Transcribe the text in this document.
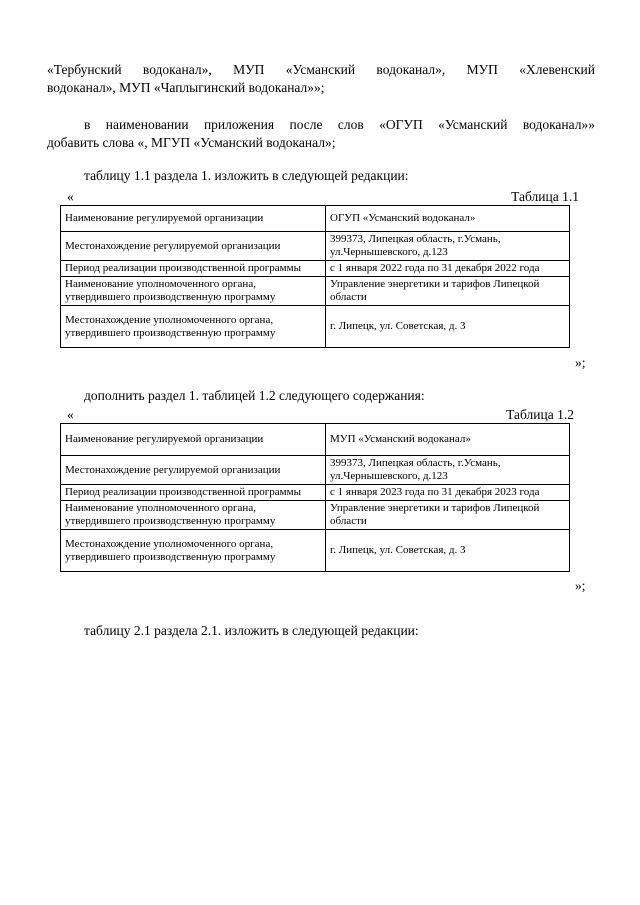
«Тербунский водоканал», МУП «Усманский водоканал», МУП «Хлевенский
водоканал», МУП «Чаплыгинский водоканал»»;
в наименовании приложения после слов «ОГУП «Усманский водоканал»»
добавить слова «, МГУП «Усманский водоканал»;
таблицу 1.1 раздела 1. изложить в следующей редакции:
«	Таблица 1.1
Наименование регулируемой организации	ОГУП «Усманский водоканал»
Местонахождение регулируемой организации	399373, Липецкая область, г.Усмань, ул.Чернышевского, д.123
Период реализации производственной программы	с 1 января 2022 года по 31 декабря 2022 года
Наименование уполномоченного органа, утвердившего производственную программу	Управление энергетики и тарифов Липецкой области
Местонахождение уполномоченного органа, утвердившего производственную программу	г. Липецк, ул. Советская, д. 3
»;
дополнить раздел 1. таблицей 1.2 следующего содержания:
«	Таблица 1.2
Наименование регулируемой организации	МУП «Усманский водоканал»
Местонахождение регулируемой организации	399373, Липецкая область, г.Усмань, ул.Чернышевского, д.123
Период реализации производственной программы	с 1 января 2023 года по 31 декабря 2023 года
Наименование уполномоченного органа, утвердившего производственную программу	Управление энергетики и тарифов Липецкой области
Местонахождение уполномоченного органа, утвердившего производственную программу	г. Липецк, ул. Советская, д. 3
»;
таблицу 2.1 раздела 2.1. изложить в следующей редакции:
